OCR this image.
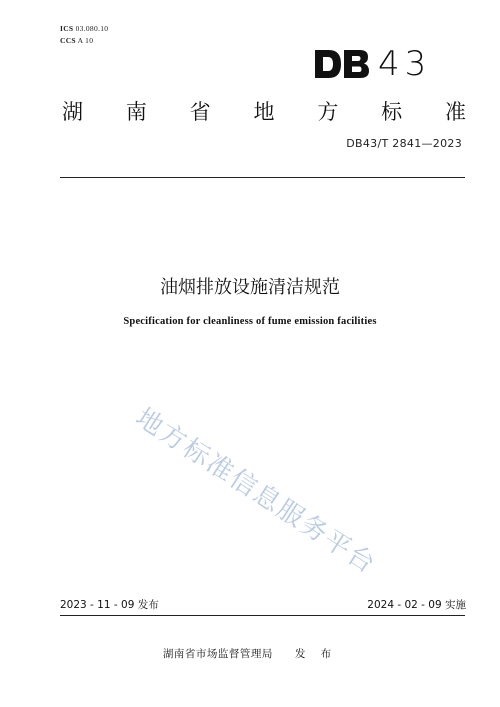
ICS 03.080.10
CCS A 10
43
湖 南 省 地 方 标 准
DB43/T 2841—2023
油烟排放设施清洁规范
Specification for cleanliness of fume emission facilities
地方标准信息服务平台
2023 - 11 - 09 发布	2024 - 02 - 09 实施
湖南省市场监督管理局 发 布
